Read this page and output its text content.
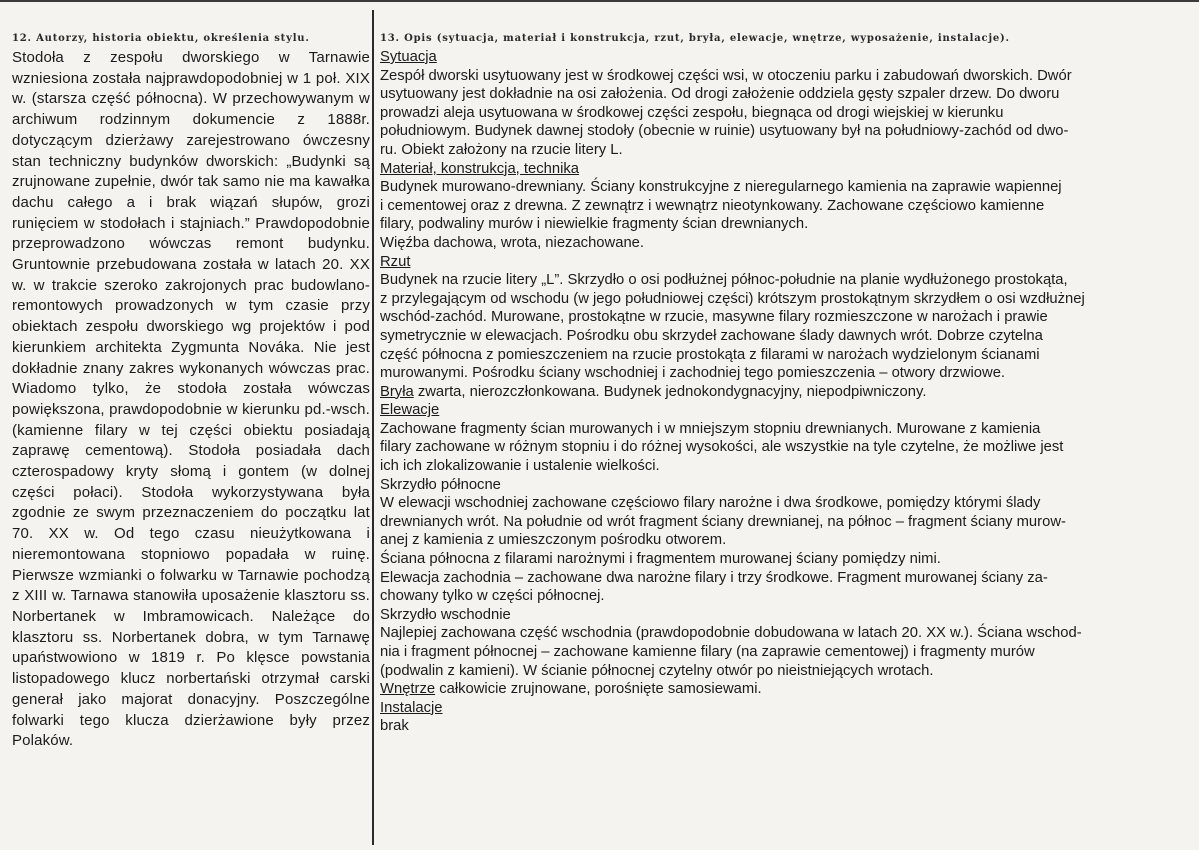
12. Autorzy, historia obiektu, określenia stylu.

Stodoła z zespołu dworskiego w Tarnawie wzniesiona została najprawdopodobniej w 1 poł. XIX w. (starsza część północna). W przechowywanym w archiwum rodzinnym dokumencie z 1888r. dotyczącym dzierżawy zarejestrowano ówczesny stan techniczny budynków dworskich: „Budynki są zrujnowane zupełnie, dwór tak samo nie ma kawałka dachu całego a i brak wiązań słupów, grozi runięciem w stodołach i stajniach.” Prawdopodobnie przeprowadzono wówczas remont budynku. Gruntownie przebudowana została w latach 20. XX w. w trakcie szeroko zakrojonych prac budowlano-remontowych prowadzonych w tym czasie przy obiektach zespołu dworskiego wg projektów i pod kierunkiem architekta Zygmunta Nováka. Nie jest dokładnie znany zakres wykonanych wówczas prac. Wiadomo tylko, że stodoła została wówczas powiększona, prawdopodobnie w kierunku pd.-wsch. (kamienne filary w tej części obiektu posiadają zaprawę cementową). Stodoła posiadała dach czterospadowy kryty słomą i gontem (w dolnej części połaci). Stodoła wykorzystywana była zgodnie ze swym przeznaczeniem do początku lat 70. XX w. Od tego czasu nieużytkowana i nieremontowana stopniowo popadała w ruinę. Pierwsze wzmianki o folwarku w Tarnawie pochodzą z XIII w. Tarnawa stanowiła uposażenie klasztoru ss. Norbertanek w Imbramowicach. Należące do klasztoru ss. Norbertanek dobra, w tym Tarnawę upaństwowiono w 1819 r. Po klęsce powstania listopadowego klucz norbertański otrzymał carski generał jako majorat donacyjny. Poszczególne folwarki tego klucza dzierżawione były przez Polaków.

13. Opis (sytuacja, materiał i konstrukcja, rzut, bryła, elewacje, wnętrze, wyposażenie, instalacje).
Sytuacja
Zespół dworski usytuowany jest w środkowej części wsi, w otoczeniu parku i zabudowań dworskich. Dwór
usytuowany jest dokładnie na osi założenia. Od drogi założenie oddziela gęsty szpaler drzew. Do dworu
prowadzi aleja usytuowana w środkowej części zespołu, biegnąca od drogi wiejskiej w kierunku
południowym. Budynek dawnej stodoły (obecnie w ruinie) usytuowany był na południowy-zachód od dwo-
ru. Obiekt założony na rzucie litery L.
Materiał, konstrukcja, technika
Budynek murowano-drewniany. Ściany konstrukcyjne z nieregularnego kamienia na zaprawie wapiennej
i cementowej oraz z drewna. Z zewnątrz i wewnątrz nieotynkowany. Zachowane częściowo kamienne
filary, podwaliny murów i niewielkie fragmenty ścian drewnianych.
Więźba dachowa, wrota, niezachowane.
Rzut
Budynek na rzucie litery „L”. Skrzydło o osi podłużnej północ-południe na planie wydłużonego prostokąta,
z przylegającym od wschodu (w jego południowej części) krótszym prostokątnym skrzydłem o osi wzdłużnej
wschód-zachód. Murowane, prostokątne w rzucie, masywne filary rozmieszczone w narożach i prawie
symetrycznie w elewacjach. Pośrodku obu skrzydeł zachowane ślady dawnych wrót. Dobrze czytelna
część północna z pomieszczeniem na rzucie prostokąta z filarami w narożach wydzielonym ścianami
murowanymi. Pośrodku ściany wschodniej i zachodniej tego pomieszczenia – otwory drzwiowe.
Bryła zwarta, nierozczłonkowana. Budynek jednokondygnacyjny, niepodpiwniczony.
Elewacje
Zachowane fragmenty ścian murowanych i w mniejszym stopniu drewnianych. Murowane z kamienia
filary zachowane w różnym stopniu i do różnej wysokości, ale wszystkie na tyle czytelne, że możliwe jest
ich ich zlokalizowanie i ustalenie wielkości.
Skrzydło północne
W elewacji wschodniej zachowane częściowo filary narożne i dwa środkowe, pomiędzy którymi ślady
drewnianych wrót. Na południe od wrót fragment ściany drewnianej, na północ – fragment ściany murow-
anej z kamienia z umieszczonym pośrodku otworem.
Ściana północna z filarami narożnymi i fragmentem murowanej ściany pomiędzy nimi.
Elewacja zachodnia – zachowane dwa narożne filary i trzy środkowe. Fragment murowanej ściany za-
chowany tylko w części północnej.
Skrzydło wschodnie
Najlepiej zachowana część wschodnia (prawdopodobnie dobudowana w latach 20. XX w.). Ściana wschod-
nia i fragment północnej – zachowane kamienne filary (na zaprawie cementowej) i fragmenty murów
(podwalin z kamieni). W ścianie północnej czytelny otwór po nieistniejących wrotach.
Wnętrze całkowicie zrujnowane, porośnięte samosiewami.
Instalacje
brak
